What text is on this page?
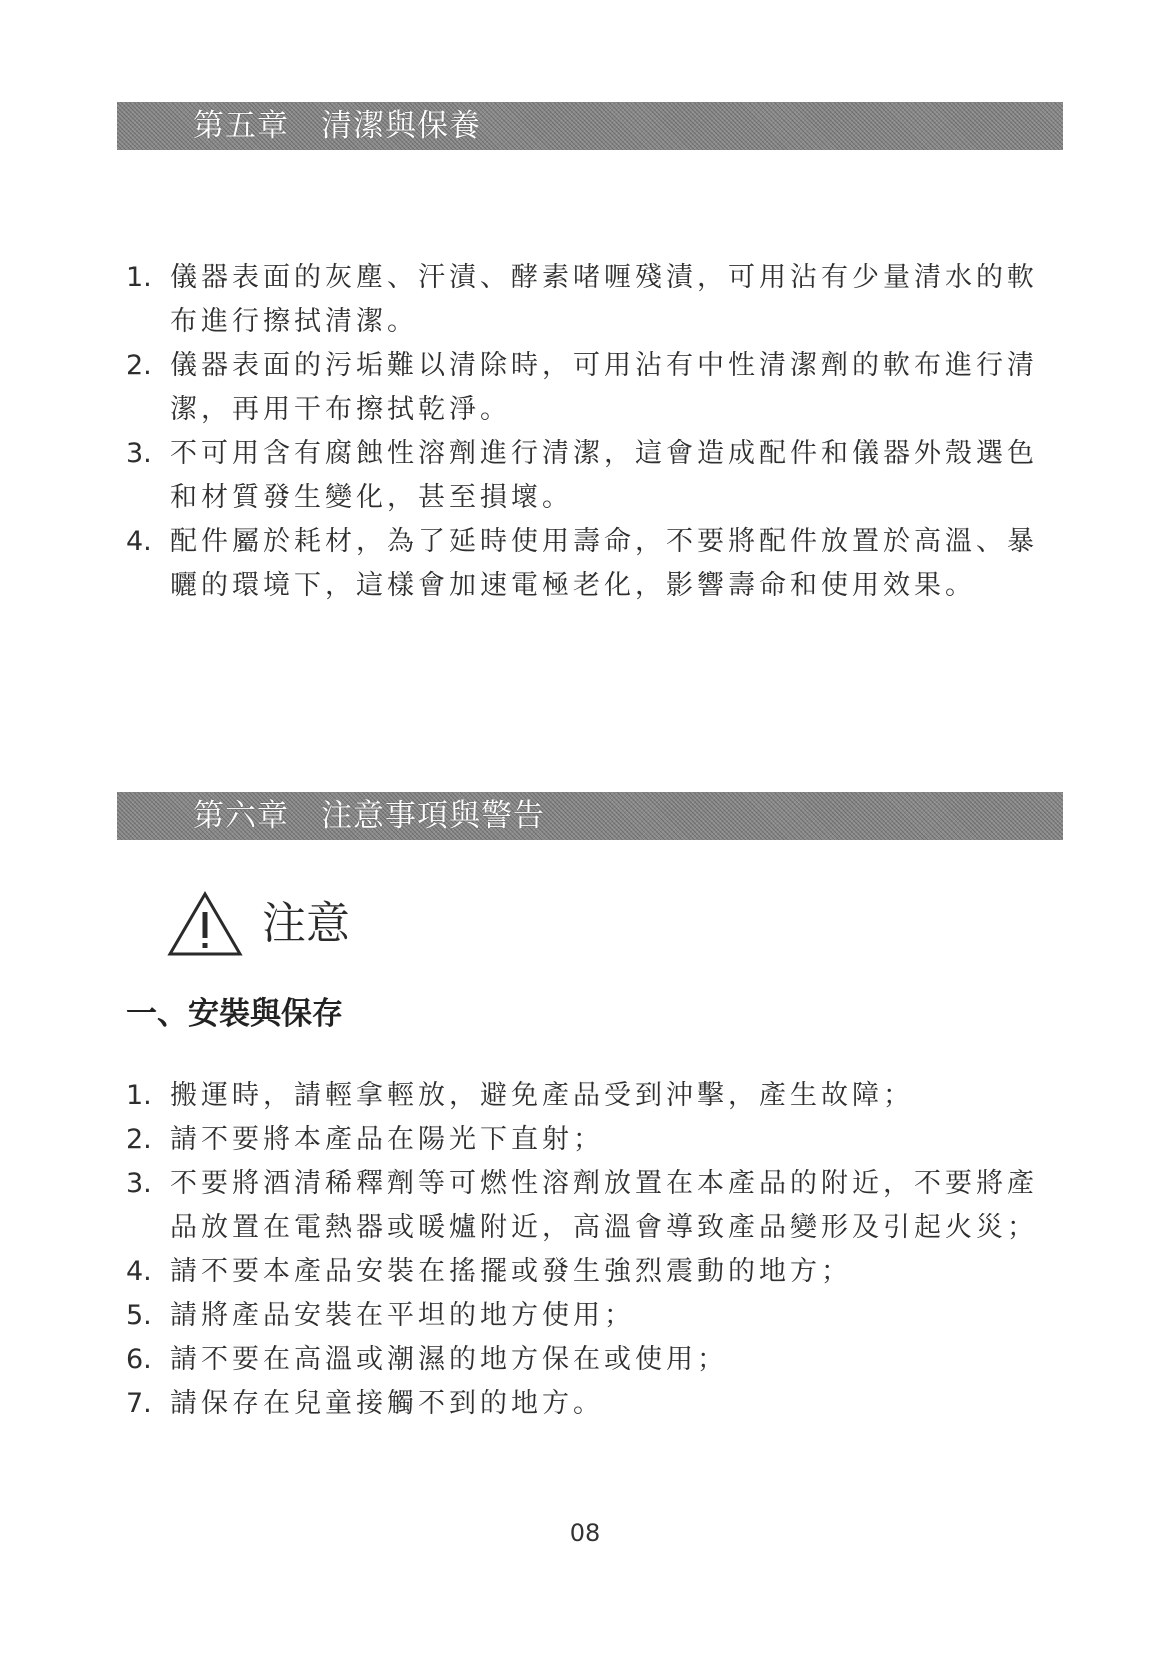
第五章　清潔與保養
1. 儀器表面的灰塵、汗漬、酵素啫喱殘漬，可用沾有少量清水的軟布進行擦拭清潔。
2. 儀器表面的污垢難以清除時，可用沾有中性清潔劑的軟布進行清潔，再用干布擦拭乾淨。
3. 不可用含有腐蝕性溶劑進行清潔，這會造成配件和儀器外殼選色和材質發生變化，甚至損壞。
4. 配件屬於耗材，為了延時使用壽命，不要將配件放置於高溫、暴曬的環境下，這樣會加速電極老化，影響壽命和使用效果。
第六章　注意事項與警告
注意
一、安裝與保存
1. 搬運時，請輕拿輕放，避免產品受到沖擊，產生故障；
2. 請不要將本產品在陽光下直射；
3. 不要將酒清稀釋劑等可燃性溶劑放置在本產品的附近，不要將產品放置在電熱器或暖爐附近，高溫會導致產品變形及引起火災；
4. 請不要本產品安裝在搖擺或發生強烈震動的地方；
5. 請將產品安裝在平坦的地方使用；
6. 請不要在高溫或潮濕的地方保在或使用；
7. 請保存在兒童接觸不到的地方。
08
